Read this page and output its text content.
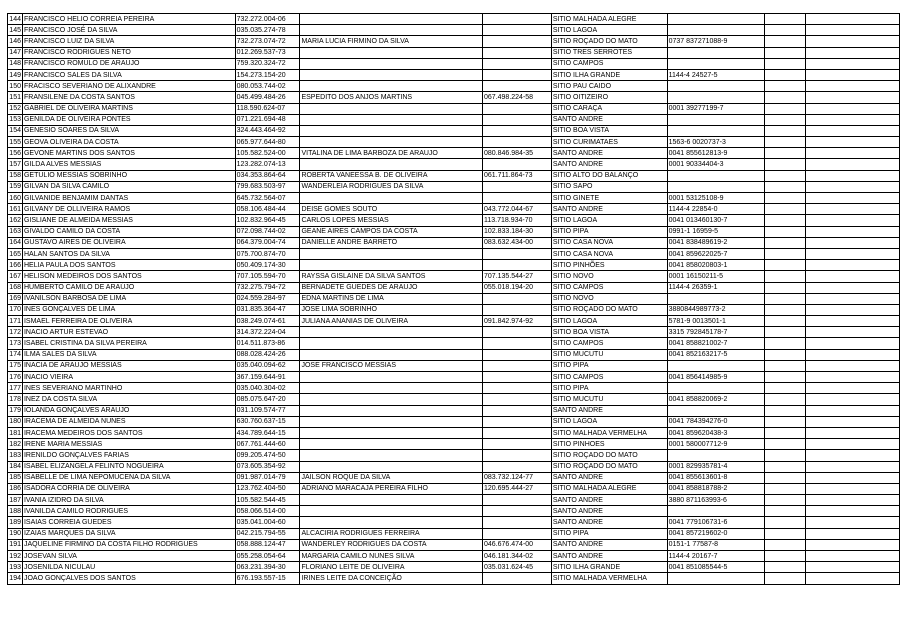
144	FRANCISCO HELIO CORREIA PEREIRA	732.272.004-06			SITIO MALHADA ALEGRE			
145	FRANCISCO JOSÉ DA SILVA	035.035.274-78			SITIO LAGOA			
146	FRANCISCO LUIZ DA SILVA	732.273.074-72	MARIA LUCIA FIRMINO DA SILVA		SITIO ROÇADO DO MATO	0737 837271088-9		
147	FRANCISCO RODRIGUES NETO	012.269.537-73			SITIO TRES SERROTES			
148	FRANCISCO ROMULO DE ARAUJO	759.320.324-72			SITIO CAMPOS			
149	FRANCISCO SALES DA SILVA	154.273.154-20			SITIO ILHA GRANDE	1144-4 24527-5		
150	FRACISCO SEVERIANO DE ALIXANDRE	080.053.744-02			SITIO PAU CAIDO			
151	FRANSILENE DA COSTA SANTOS	045.499.484-26	ESPEDITO DOS ANJOS MARTINS	067.498.224-58	SITIO OITIZEIRO			
152	GABRIEL DE OLIVEIRA MARTINS	118.590.624-07			SITIO CARAÇA	0001 39277199-7		
153	GENILDA DE OLIVEIRA PONTES	071.221.694-48			SANTO ANDRE			
154	GENESIO SOARES DA SILVA	324.443.464-92			SITIO BOA VISTA			
155	GEOVA OLIVEIRA DA COSTA	065.977.644-80			SITIO CURIMATAES	1563-6 0020737-3		
156	GEVONE MARTINS DOS SANTOS	105.582.524-00	VITALINA DE LIMA BARBOZA DE ARAUJO	080.846.984-35	SANTO ANDRE	0041 855612813-9		
157	GILDA ALVES MESSIAS	123.282.074-13			SANTO ANDRE	0001 90334404-3		
158	GETULIO MESSIAS SOBRINHO	034.353.864-64	ROBERTA VANEESSA B. DE OLIVEIRA	061.711.864-73	SITIO ALTO DO BALANÇO			
159	GILVAN DA SILVA CAMILO	799.683.503-97	WANDERLEIA RODRIGUES DA SILVA		SITIO SAPO			
160	GILVANIDE BENJAMIM DANTAS	645.732.564-07			SITIO GINETE	0001 53125108-9		
161	GILVANY DE OLLIVEIRA RAMOS	058.106.484-44	DEISE GOMES SOUTO	043.772.044-67	SANTO ANDRE	1144-4 22854-0		
162	GISLIANE DE ALMEIDA MESSIAS	102.832.964-45	CARLOS LOPES MESSIAS	113.718.934-70	SITIO LAGOA	0041 013460130-7		
163	GIVALDO CAMILO DA COSTA	072.098.744-02	GEANE AIRES CAMPOS DA COSTA	102.833.184-30	SITIO PIPA	0991-1 16959-5		
164	GUSTAVO AIRES DE OLIVEIRA	064.379.004-74	DANIELLE ANDRE BARRETO	083.632.434-00	SITIO CASA NOVA	0041 838489619-2		
165	HALAN SANTOS DA SILVA	075.700.874-70			SITIO CASA NOVA	0041 859622025-7		
166	HELIA PAULA DOS SANTOS	050.409.174-30			SITIO PINHÕES	0041 858020803-1		
167	HELISON MEDEIROS DOS SANTOS	707.105.594-70	RAYSSA GISLAINE DA SILVA SANTOS	707.135.544-27	SITIO NOVO	0001 16150211-5		
168	HUMBERTO CAMILO DE ARAÚJO	732.275.794-72	BERNADETE GUEDES DE ARAUJO	055.018.194-20	SITIO CAMPOS	1144-4 26359-1		
169	IVANILSON BARBOSA DE LIMA	024.559.284-97	EDNA MARTINS DE LIMA		SITIO NOVO			
170	INES GONÇALVES DE LIMA	031.835.364-47	JOSE LIMA SOBRINHO		SITIO ROÇADO DO MATO	3880844989773-2		
171	ISMAEL FERREIRA DE OLIVEIRA	038.249.074-61	JULIANA ANANIAS DE OLIVEIRA	091.842.974-92	SITIO LAGOA	5781-9 0013501-1		
172	INACIO ARTUR ESTEVAO	314.372.224-04			SITIO BOA VISTA	3315 792845178-7		
173	ISABEL CRISTINA DA SILVA PEREIRA	014.511.873-86			SITIO CAMPOS	0041 858821002-7		
174	ILMA SALES DA SILVA	088.028.424-26			SITIO MUCUTU	0041 852163217-5		
175	INACIA DE ARAUJO MESSIAS	035.040.094-62	JOSE FRANCISCO MESSIAS		SITIO PIPA			
176	INACIO VIEIRA	367.159.644-91			SITIO CAMPOS	0041 856414985-9		
177	INES SEVERIANO MARTINHO	035.040.304-02			SITIO PIPA			
178	INEZ DA COSTA SILVA	085.075.647-20			SITIO MUCUTU	0041 858820069-2		
179	IOLANDA GONÇALVES ARAUJO	031.109.574-77			SANTO ANDRE			
180	IRACEMA DE ALMEIDA NUNES	630.760.637-15			SITIO LAGOA	0041 784394276-0		
181	IRACEMA MEDEIROS DOS SANTOS	434.789.644-15			SITIO MALHADA VERMELHA	0041 859620438-3		
182	IRENE MARIA MESSIAS	067.761.444-60			SITIO PINHOES	0001 580007712-9		
183	IRENILDO GONÇALVES FARIAS	099.205.474-50			SITIO ROÇADO DO MATO			
184	ISABEL ELIZANGELA FELINTO NOGUEIRA	073.605.354-92			SITIO ROÇADO DO MATO	0001 829935781-4		
185	ISABELLE DE LIMA NEPOMUCENA DA SILVA	091.987.014-79	JAILSON ROQUE DA SILVA	083.732.124-77	SANTO ANDRE	0041 855613601-8		
186	ISADORA CORRIA DE OLIVEIRA	123.762.404-50	ADRIANO MARACAJA PEREIRA FILHO	120.695.444-27	SITIO MALHADA ALEGRE	0041 858818788-2		
187	IVANIA IZIDRO DA SILVA	105.582.544-45			SANTO ANDRE	3880 871163993-6		
188	IVANILDA CAMILO RODRIGUES	058.066.514-00			SANTO ANDRE			
189	ISAIAS CORREIA GUEDES	035.041.004-60			SANTO ANDRE	0041 779106731-6		
190	IZAIAS MARQUES DA SILVA	042.215.794-55	ALCACIRIA RODRIGUES FERREIRA		SITIO PIPA	0041 857219602-0		
191	JAQUELINE FIRMINO DA COSTA FILHO RODRIGUES	058.888.124-47	WANDERLEY RODRIGUES DA COSTA	046.676.474-00	SANTO ANDRE	0151-1 77587-8		
192	JOSEVAN SILVA	055.258.054-64	MARGARIA CAMILO NUNES SILVA	046.181.344-02	SANTO ANDRE	1144-4 20167-7		
193	JOSENILDA NICULAU	063.231.394-30	FLORIANO LEITE DE OLIVEIRA	035.031.624-45	SITIO ILHA GRANDE	0041 851085544-5		
194	JOAO GONÇALVES DOS SANTOS	676.193.557-15	IRINES LEITE DA CONCEIÇÃO		SITIO MALHADA VERMELHA			
